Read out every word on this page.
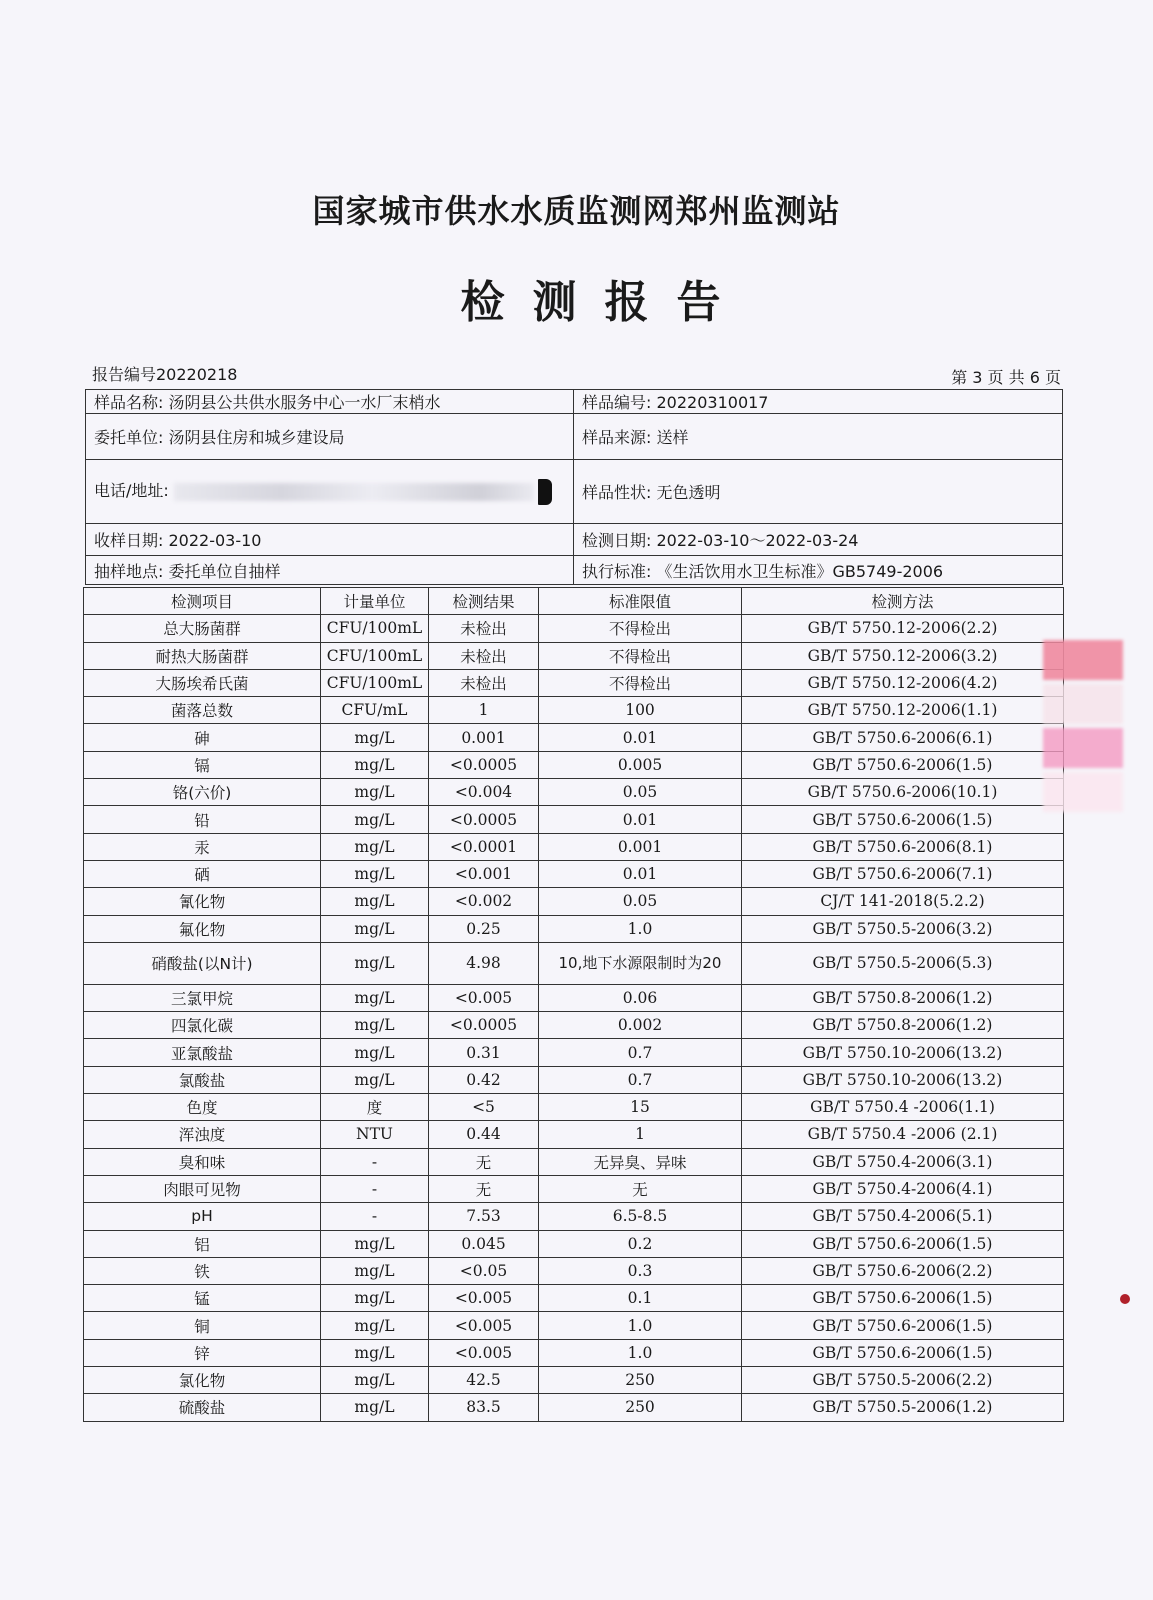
国家城市供水水质监测网郑州监测站
检测报告
报告编号20220218	第 3 页 共 6 页
样品名称: 汤阴县公共供水服务中心一水厂末梢水	样品编号: 20220310017
委托单位: 汤阴县住房和城乡建设局	样品来源: 送样
电话/地址:	样品性状: 无色透明
收样日期: 2022-03-10	检测日期: 2022-03-10～2022-03-24
抽样地点: 委托单位自抽样	执行标准: 《生活饮用水卫生标准》GB5749-2006
检测项目	计量单位	检测结果	标准限值	检测方法
总大肠菌群	CFU/100mL	未检出	不得检出	GB/T 5750.12-2006(2.2)
耐热大肠菌群	CFU/100mL	未检出	不得检出	GB/T 5750.12-2006(3.2)
大肠埃希氏菌	CFU/100mL	未检出	不得检出	GB/T 5750.12-2006(4.2)
菌落总数	CFU/mL	1	100	GB/T 5750.12-2006(1.1)
砷	mg/L	0.001	0.01	GB/T 5750.6-2006(6.1)
镉	mg/L	<0.0005	0.005	GB/T 5750.6-2006(1.5)
铬(六价)	mg/L	<0.004	0.05	GB/T 5750.6-2006(10.1)
铅	mg/L	<0.0005	0.01	GB/T 5750.6-2006(1.5)
汞	mg/L	<0.0001	0.001	GB/T 5750.6-2006(8.1)
硒	mg/L	<0.001	0.01	GB/T 5750.6-2006(7.1)
氰化物	mg/L	<0.002	0.05	CJ/T 141-2018(5.2.2)
氟化物	mg/L	0.25	1.0	GB/T 5750.5-2006(3.2)
硝酸盐(以N计)	mg/L	4.98	10,地下水源限制时为20	GB/T 5750.5-2006(5.3)
三氯甲烷	mg/L	<0.005	0.06	GB/T 5750.8-2006(1.2)
四氯化碳	mg/L	<0.0005	0.002	GB/T 5750.8-2006(1.2)
亚氯酸盐	mg/L	0.31	0.7	GB/T 5750.10-2006(13.2)
氯酸盐	mg/L	0.42	0.7	GB/T 5750.10-2006(13.2)
色度	度	<5	15	GB/T 5750.4 -2006(1.1)
浑浊度	NTU	0.44	1	GB/T 5750.4 -2006 (2.1)
臭和味	-	无	无异臭、异味	GB/T 5750.4-2006(3.1)
肉眼可见物	-	无	无	GB/T 5750.4-2006(4.1)
pH	-	7.53	6.5-8.5	GB/T 5750.4-2006(5.1)
铝	mg/L	0.045	0.2	GB/T 5750.6-2006(1.5)
铁	mg/L	<0.05	0.3	GB/T 5750.6-2006(2.2)
锰	mg/L	<0.005	0.1	GB/T 5750.6-2006(1.5)
铜	mg/L	<0.005	1.0	GB/T 5750.6-2006(1.5)
锌	mg/L	<0.005	1.0	GB/T 5750.6-2006(1.5)
氯化物	mg/L	42.5	250	GB/T 5750.5-2006(2.2)
硫酸盐	mg/L	83.5	250	GB/T 5750.5-2006(1.2)
